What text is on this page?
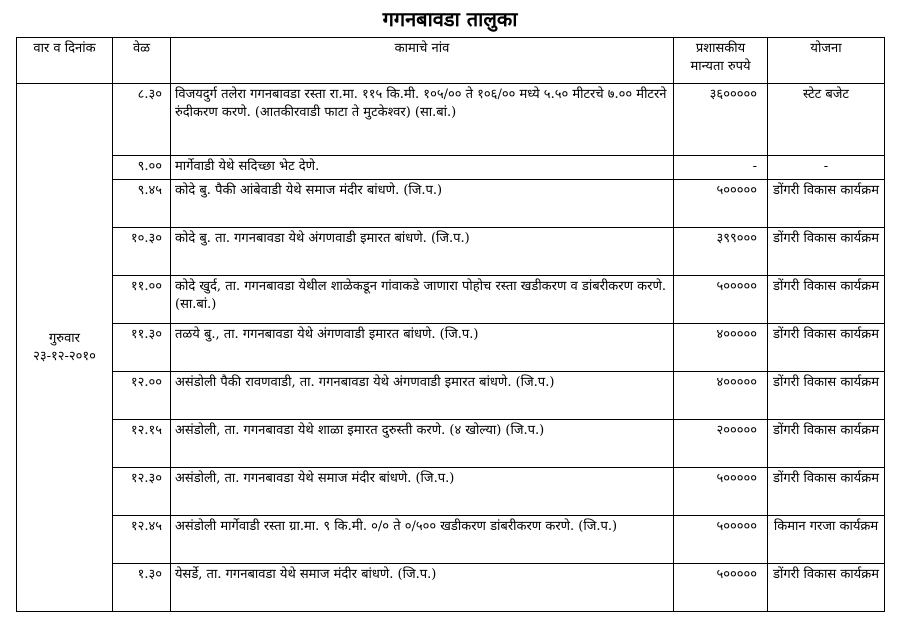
गगनबावडा तालुका
वार व दिनांक	वेळ	कामाचे नांव	प्रशासकीय मान्यता रुपये	योजना

गुरुवार
२३-१२-२०१०	८.३०	विजयदुर्ग तलेरा गगनबावडा रस्ता रा.मा. ११५ कि.मी. १०५/०० ते १०६/०० मध्ये ५.५० मीटरचे ७.०० मीटरने रुंदीकरण करणे. (आतकीरवाडी फाटा ते मुटकेश्वर) (सा.बां.)	३६०००००	स्टेट बजेट
	९.००	मार्गेवाडी येथे सदिच्छा भेट देणे.	-	-
	९.४५	कोदे बु. पैकी आंबेवाडी येथे समाज मंदीर बांधणे. (जि.प.)	५०००००	डोंगरी विकास कार्यक्रम
	१०.३०	कोदे बु. ता. गगनबावडा येथे अंगणवाडी इमारत बांधणे. (जि.प.)	३९९०००	डोंगरी विकास कार्यक्रम
	११.००	कोदे खुर्द, ता. गगनबावडा येथील शाळेकडून गांवाकडे जाणारा पोहोच रस्ता खडीकरण व डांबरीकरण करणे. (सा.बां.)	५०००००	डोंगरी विकास कार्यक्रम
	११.३०	तळये बु., ता. गगनबावडा येथे अंगणवाडी इमारत बांधणे. (जि.प.)	४०००००	डोंगरी विकास कार्यक्रम
	१२.००	असंडोली पैकी रावणवाडी, ता. गगनबावडा येथे अंगणवाडी इमारत बांधणे. (जि.प.)	४०००००	डोंगरी विकास कार्यक्रम
	१२.१५	असंडोली, ता. गगनबावडा येथे शाळा इमारत दुरुस्ती करणे. (४ खोल्या) (जि.प.)	२०००००	डोंगरी विकास कार्यक्रम
	१२.३०	असंडोली, ता. गगनबावडा येथे समाज मंदीर बांधणे. (जि.प.)	५०००००	डोंगरी विकास कार्यक्रम
	१२.४५	असंडोली मार्गेवाडी रस्ता ग्रा.मा. ९ कि.मी. ०/० ते ०/५०० खडीकरण डांबरीकरण करणे. (जि.प.)	५०००००	किमान गरजा कार्यक्रम
	१.३०	येसर्डे, ता. गगनबावडा येथे समाज मंदीर बांधणे. (जि.प.)	५०००००	डोंगरी विकास कार्यक्रम
